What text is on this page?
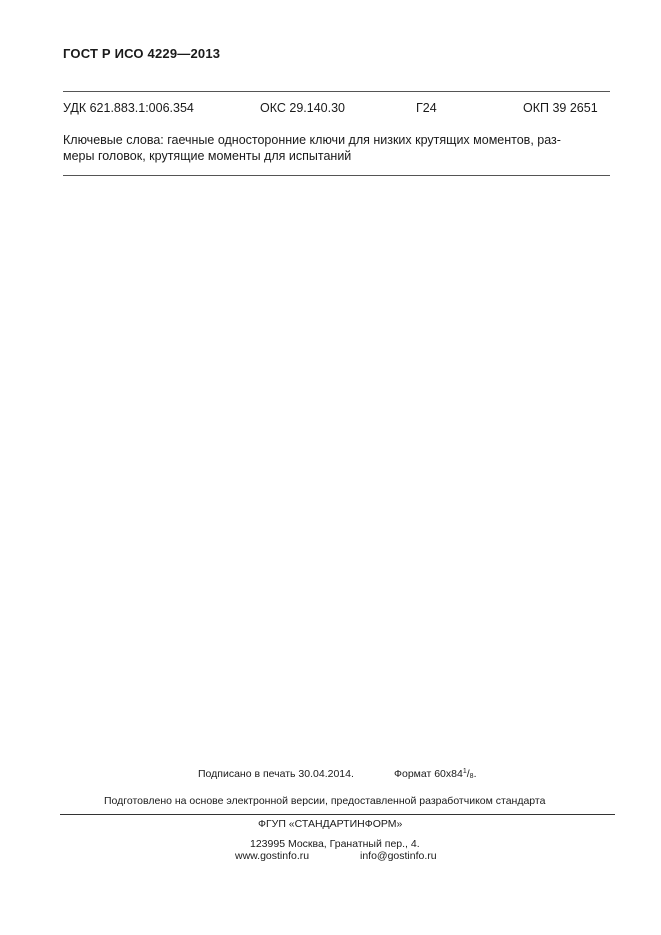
ГОСТ Р ИСО 4229—2013
УДК 621.883.1:006.354	ОКС 29.140.30	Г24	ОКП 39 2651
Ключевые слова: гаечные односторонние ключи для низких крутящих моментов, раз-
меры головок, крутящие моменты для испытаний
Подписано в печать 30.04.2014.	Формат $60x84^1/_8$.
Подготовлено на основе электронной версии, предоставленной разработчиком стандарта
ФГУП «СТАНДАРТИНФОРМ»
123995 Москва, Гранатный пер., 4.
www.gostinfo.ru	info@gostinfo.ru
